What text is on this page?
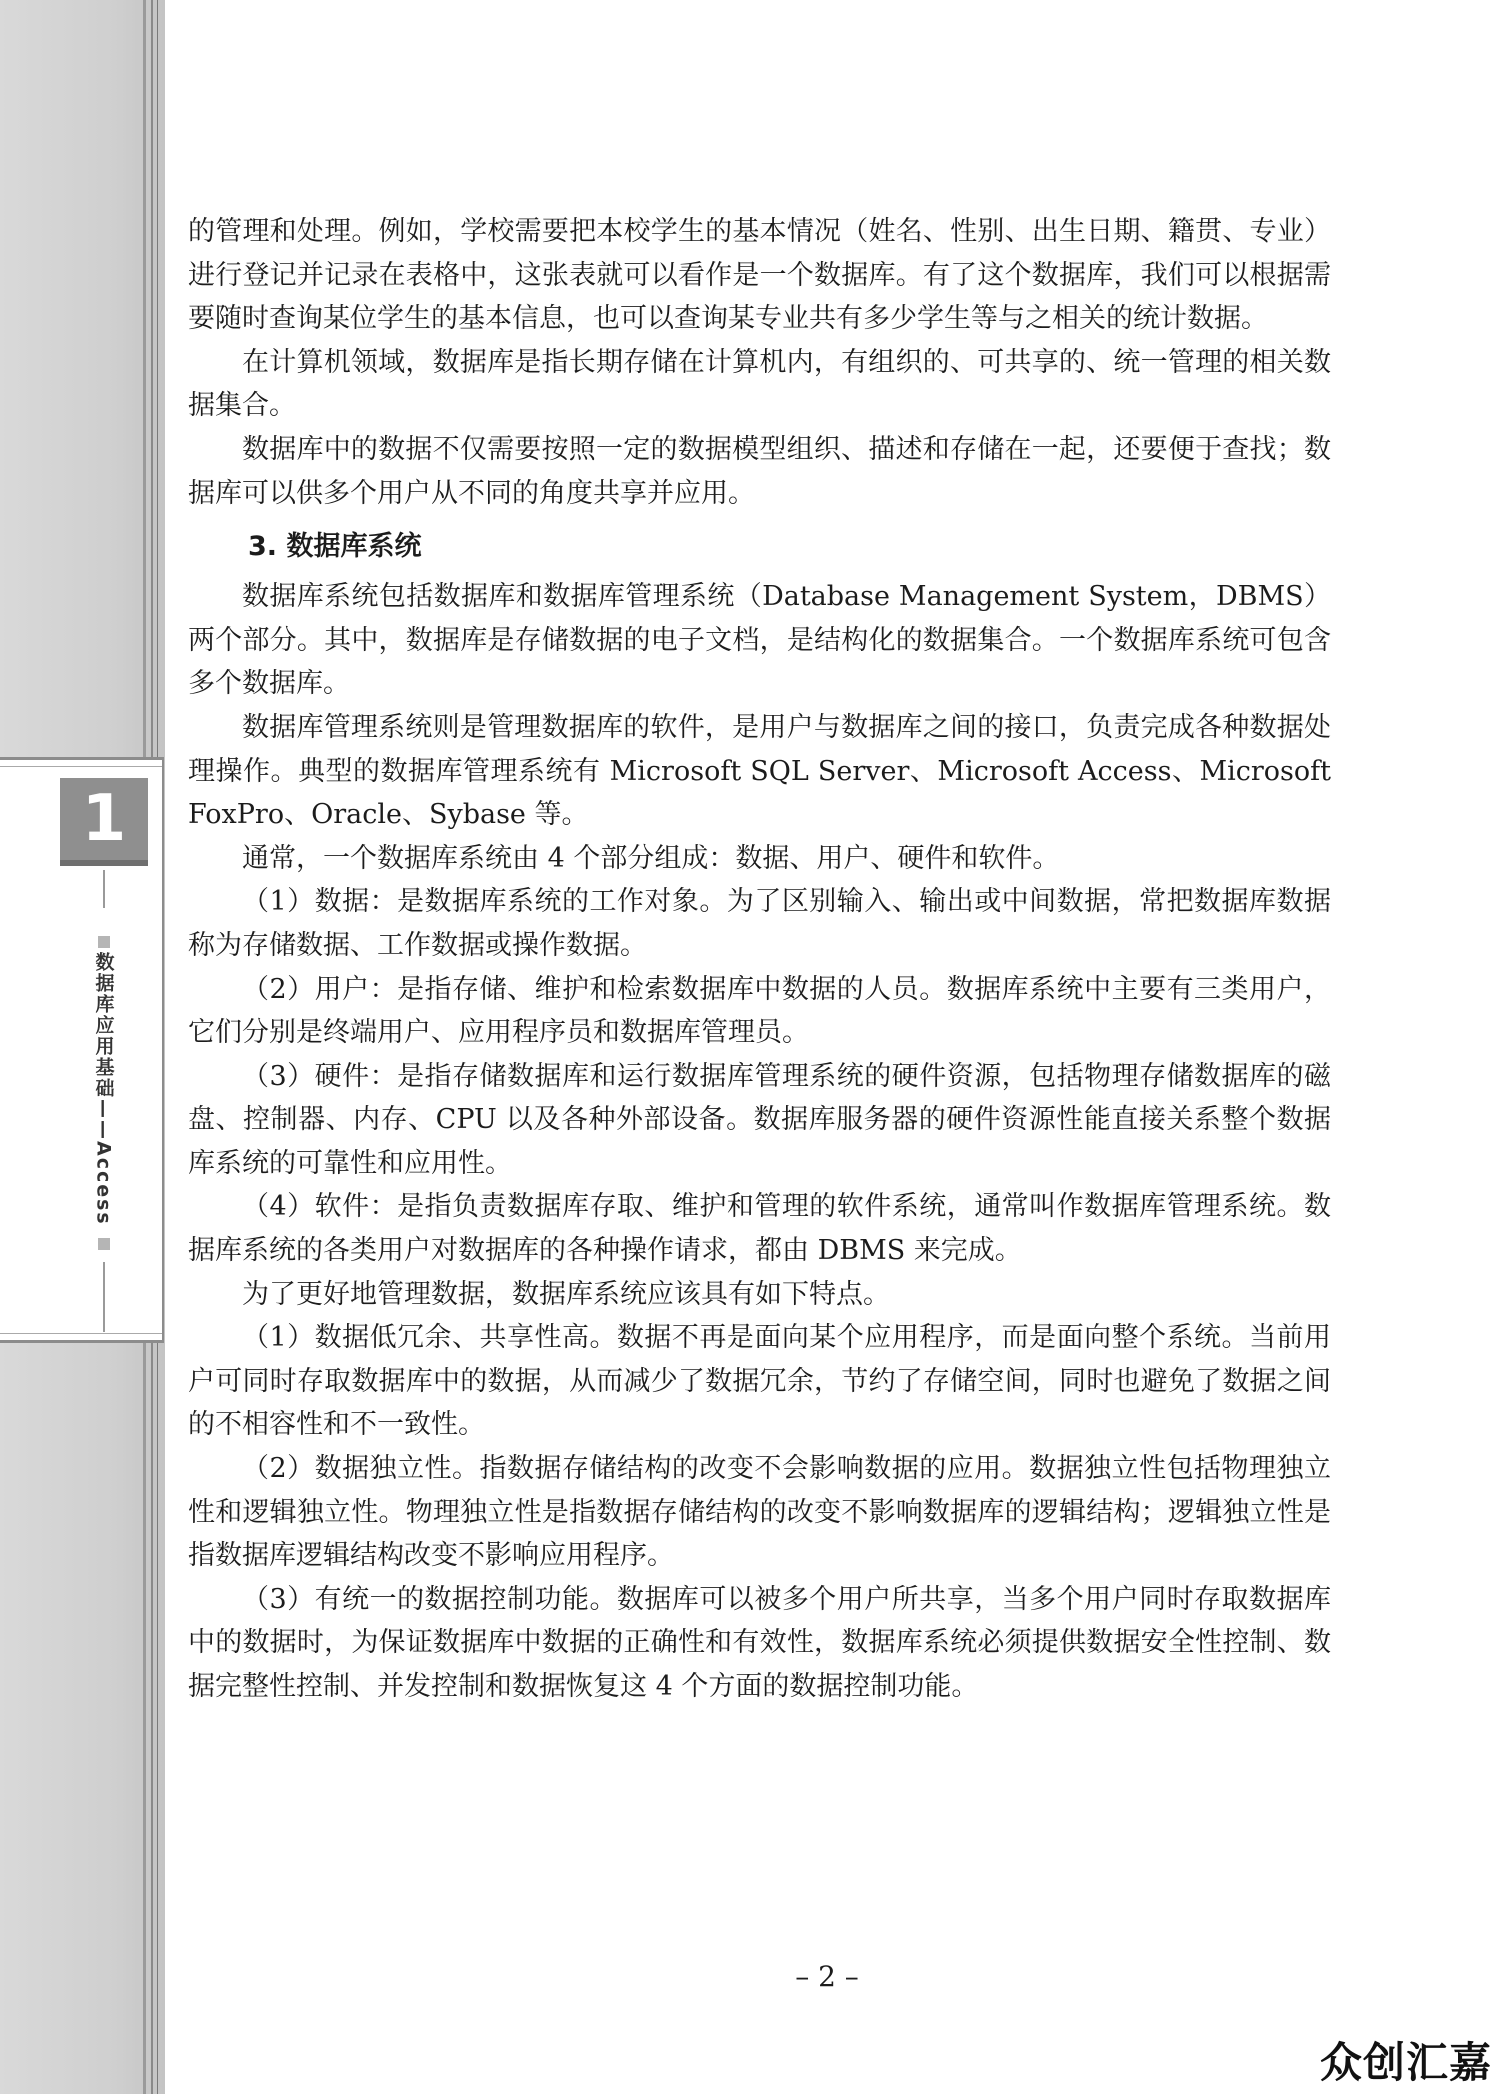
1
数据库应用基础——Access

的管理和处理。例如，学校需要把本校学生的基本情况（姓名、性别、出生日期、籍贯、专业）进行登记并记录在表格中，这张表就可以看作是一个数据库。有了这个数据库，我们可以根据需要随时查询某位学生的基本信息，也可以查询某专业共有多少学生等与之相关的统计数据。

在计算机领域，数据库是指长期存储在计算机内，有组织的、可共享的、统一管理的相关数据集合。

数据库中的数据不仅需要按照一定的数据模型组织、描述和存储在一起，还要便于查找；数据库可以供多个用户从不同的角度共享并应用。

3. 数据库系统

数据库系统包括数据库和数据库管理系统（Database Management System，DBMS）两个部分。其中，数据库是存储数据的电子文档，是结构化的数据集合。一个数据库系统可包含多个数据库。

数据库管理系统则是管理数据库的软件，是用户与数据库之间的接口，负责完成各种数据处理操作。典型的数据库管理系统有 Microsoft SQL Server、Microsoft Access、Microsoft FoxPro、Oracle、Sybase 等。

通常，一个数据库系统由 4 个部分组成：数据、用户、硬件和软件。

（1）数据：是数据库系统的工作对象。为了区别输入、输出或中间数据，常把数据库数据称为存储数据、工作数据或操作数据。

（2）用户：是指存储、维护和检索数据库中数据的人员。数据库系统中主要有三类用户，它们分别是终端用户、应用程序员和数据库管理员。

（3）硬件：是指存储数据库和运行数据库管理系统的硬件资源，包括物理存储数据库的磁盘、控制器、内存、CPU 以及各种外部设备。数据库服务器的硬件资源性能直接关系整个数据库系统的可靠性和应用性。

（4）软件：是指负责数据库存取、维护和管理的软件系统，通常叫作数据库管理系统。数据库系统的各类用户对数据库的各种操作请求，都由 DBMS 来完成。

为了更好地管理数据，数据库系统应该具有如下特点。

（1）数据低冗余、共享性高。数据不再是面向某个应用程序，而是面向整个系统。当前用户可同时存取数据库中的数据，从而减少了数据冗余，节约了存储空间，同时也避免了数据之间的不相容性和不一致性。

（2）数据独立性。指数据存储结构的改变不会影响数据的应用。数据独立性包括物理独立性和逻辑独立性。物理独立性是指数据存储结构的改变不影响数据库的逻辑结构；逻辑独立性是指数据库逻辑结构改变不影响应用程序。

（3）有统一的数据控制功能。数据库可以被多个用户所共享，当多个用户同时存取数据库中的数据时，为保证数据库中数据的正确性和有效性，数据库系统必须提供数据安全性控制、数据完整性控制、并发控制和数据恢复这 4 个方面的数据控制功能。

– 2 –
众创汇嘉
